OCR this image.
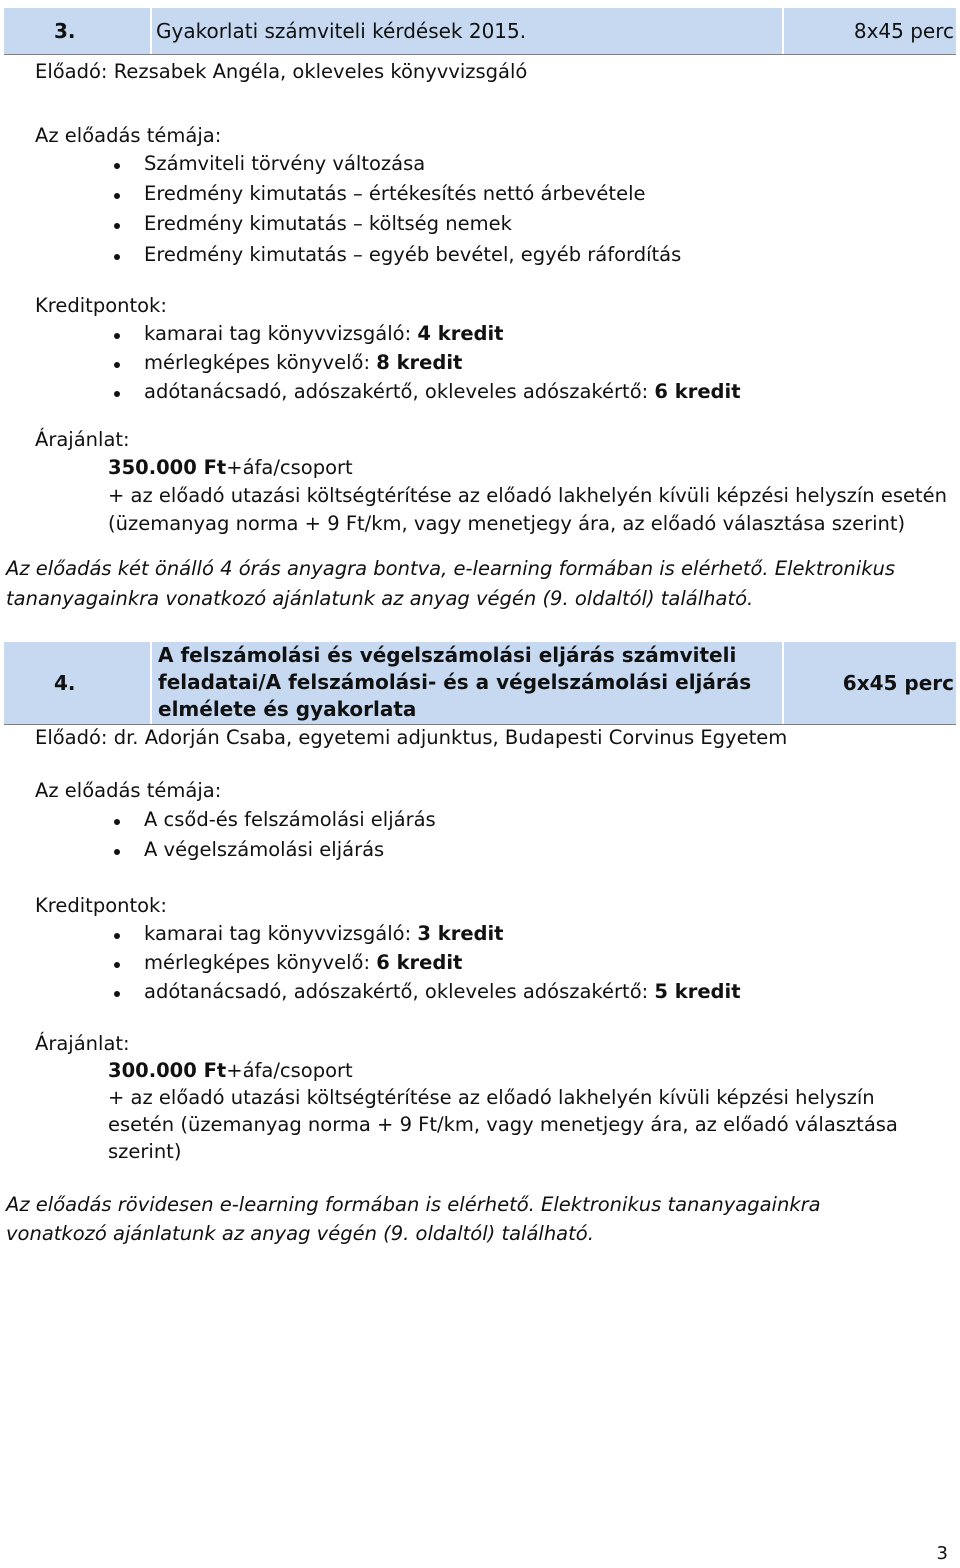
3.	Gyakorlati számviteli kérdések 2015.	8x45 perc
Előadó: Rezsabek Angéla, okleveles könyvvizsgáló
Az előadás témája:
Számviteli törvény változása
Eredmény kimutatás – értékesítés nettó árbevétele
Eredmény kimutatás – költség nemek
Eredmény kimutatás – egyéb bevétel, egyéb ráfordítás
Kreditpontok:
kamarai tag könyvvizsgáló: 4 kredit
mérlegképes könyvelő: 8 kredit
adótanácsadó, adószakértő, okleveles adószakértő: 6 kredit
Árajánlat:
350.000 Ft+áfa/csoport
+ az előadó utazási költségtérítése az előadó lakhelyén kívüli képzési helyszín esetén
(üzemanyag norma + 9 Ft/km, vagy menetjegy ára, az előadó választása szerint)
Az előadás két önálló 4 órás anyagra bontva, e-learning formában is elérhető. Elektronikus
tananyagainkra vonatkozó ajánlatunk az anyag végén (9. oldaltól) található.
4.
A felszámolási és végelszámolási eljárás számviteli
feladatai/A felszámolási- és a végelszámolási eljárás
elmélete és gyakorlata
6x45 perc
Előadó: dr. Adorján Csaba, egyetemi adjunktus, Budapesti Corvinus Egyetem
Az előadás témája:
A csőd-és felszámolási eljárás
A végelszámolási eljárás
Kreditpontok:
kamarai tag könyvvizsgáló: 3 kredit
mérlegképes könyvelő: 6 kredit
adótanácsadó, adószakértő, okleveles adószakértő: 5 kredit
Árajánlat:
300.000 Ft+áfa/csoport
+ az előadó utazási költségtérítése az előadó lakhelyén kívüli képzési helyszín
esetén (üzemanyag norma + 9 Ft/km, vagy menetjegy ára, az előadó választása
szerint)
Az előadás rövidesen e-learning formában is elérhető. Elektronikus tananyagainkra
vonatkozó ajánlatunk az anyag végén (9. oldaltól) található.
3
